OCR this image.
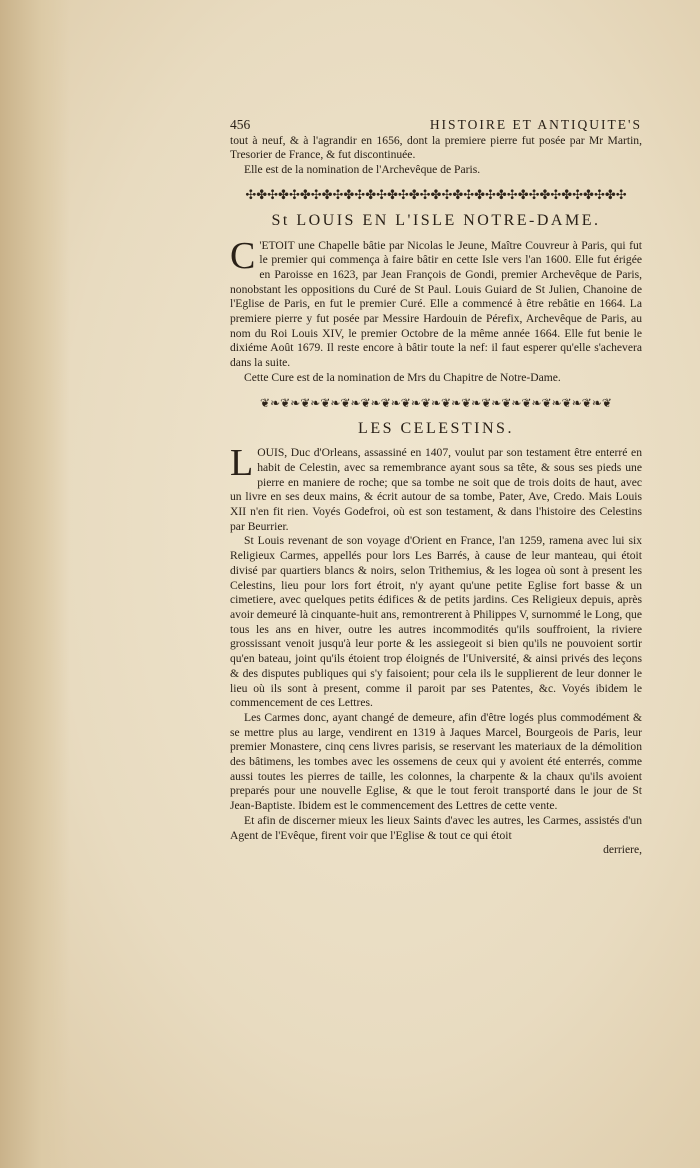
456	HISTOIRE ET ANTIQUITE'S

tout à neuf, & à l'agrandir en 1656, dont la premiere pierre fut posée par Mr Martin, Tresorier de France, & fut discontinuée.

Elle est de la nomination de l'Archevêque de Paris.

✣✤✣✤✣✤✣✤✣✤✣✤✣✤✣✤✣✤✣✤✣✤✣✤✣✤✣✤✣✤✣✤✣✤✣
St LOUIS EN L'ISLE NOTRE-DAME.
C 'ETOIT une Chapelle bâtie par Nicolas le Jeune, Maître Couvreur à Paris, qui fut le premier qui commença à faire bâtir en cette Isle vers l'an 1600. Elle fut érigée en Paroisse en 1623, par Jean François de Gondi, premier Archevêque de Paris, nonobstant les oppositions du Curé de St Paul. Louis Guiard de St Julien, Chanoine de l'Eglise de Paris, en fut le premier Curé. Elle a commencé à être rebâtie en 1664. La premiere pierre y fut posée par Messire Hardouin de Pérefix, Archevêque de Paris, au nom du Roi Louis XIV, le premier Octobre de la même année 1664. Elle fut benie le dixiéme Août 1679. Il reste encore à bâtir toute la nef: il faut esperer qu'elle s'achevera dans la suite.

Cette Cure est de la nomination de Mrs du Chapitre de Notre-Dame.

❦❧❦❧❦❧❦❧❦❧❦❧❦❧❦❧❦❧❦❧❦❧❦❧❦❧❦❧❦❧❦❧❦❧❦
LES CELESTINS.
L OUIS, Duc d'Orleans, assassiné en 1407, voulut par son testament être enterré en habit de Celestin, avec sa remembrance ayant sous sa tête, & sous ses pieds une pierre en maniere de roche; que sa tombe ne soit que de trois doits de haut, avec un livre en ses deux mains, & écrit autour de sa tombe, Pater, Ave, Credo. Mais Louis XII n'en fit rien. Voyés Godefroi, où est son testament, & dans l'histoire des Celestins par Beurrier.

St Louis revenant de son voyage d'Orient en France, l'an 1259, ramena avec lui six Religieux Carmes, appellés pour lors Les Barrés, à cause de leur manteau, qui étoit divisé par quartiers blancs & noirs, selon Trithemius, & les logea où sont à present les Celestins, lieu pour lors fort étroit, n'y ayant qu'une petite Eglise fort basse & un cimetiere, avec quelques petits édifices & de petits jardins. Ces Religieux depuis, après avoir demeuré là cinquante-huit ans, remontrerent à Philippes V, surnommé le Long, que tous les ans en hiver, outre les autres incommodités qu'ils souffroient, la riviere grossissant venoit jusqu'à leur porte & les assiegeoit si bien qu'ils ne pouvoient sortir qu'en bateau, joint qu'ils étoient trop éloignés de l'Université, & ainsi privés des leçons & des disputes publiques qui s'y faisoient; pour cela ils le supplierent de leur donner le lieu où ils sont à present, comme il paroit par ses Patentes, &c. Voyés ibidem le commencement de ces Lettres.

Les Carmes donc, ayant changé de demeure, afin d'être logés plus commodément & se mettre plus au large, vendirent en 1319 à Jaques Marcel, Bourgeois de Paris, leur premier Monastere, cinq cens livres parisis, se reservant les materiaux de la démolition des bâtimens, les tombes avec les ossemens de ceux qui y avoient été enterrés, comme aussi toutes les pierres de taille, les colonnes, la charpente & la chaux qu'ils avoient preparés pour une nouvelle Eglise, & que le tout feroit transporté dans le jour de St Jean-Baptiste. Ibidem est le commencement des Lettres de cette vente.

Et afin de discerner mieux les lieux Saints d'avec les autres, les Carmes, assistés d'un Agent de l'Evêque, firent voir que l'Eglise & tout ce qui étoit

derriere,
